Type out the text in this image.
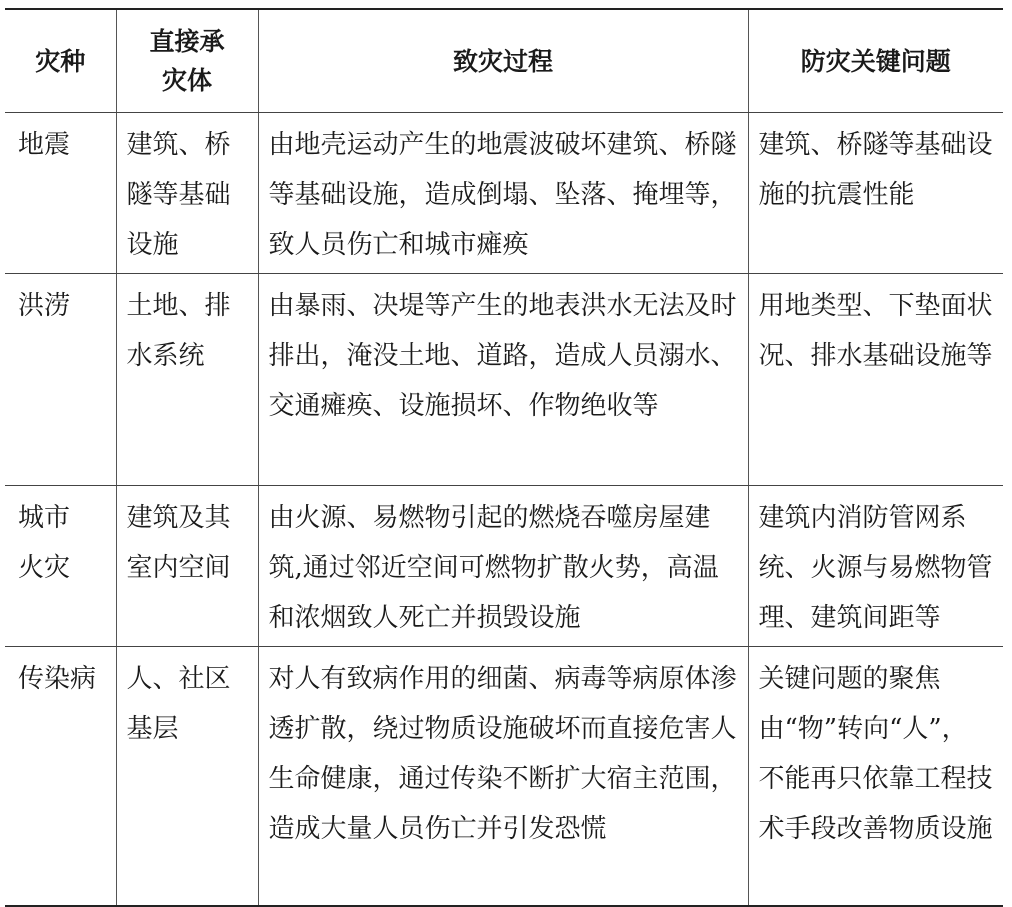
灾种	直接承灾体	致灾过程	防灾关键问题
地震	建筑、桥隧等基础设施	由地壳运动产生的地震波破坏建筑、桥隧等基础设施，造成倒塌、坠落、掩埋等，致人员伤亡和城市瘫痪	建筑、桥隧等基础设施的抗震性能
洪涝	土地、排水系统	由暴雨、决堤等产生的地表洪水无法及时排出，淹没土地、道路，造成人员溺水、交通瘫痪、设施损坏、作物绝收等	用地类型、下垫面状况、排水基础设施等
城市火灾	建筑及其室内空间	由火源、易燃物引起的燃烧吞噬房屋建筑,通过邻近空间可燃物扩散火势，高温和浓烟致人死亡并损毁设施	建筑内消防管网系统、火源与易燃物管理、建筑间距等
传染病	人、社区基层	对人有致病作用的细菌、病毒等病原体渗透扩散，绕过物质设施破坏而直接危害人生命健康，通过传染不断扩大宿主范围，造成大量人员伤亡并引发恐慌	关键问题的聚焦由“物”转向“人”，不能再只依靠工程技术手段改善物质设施
